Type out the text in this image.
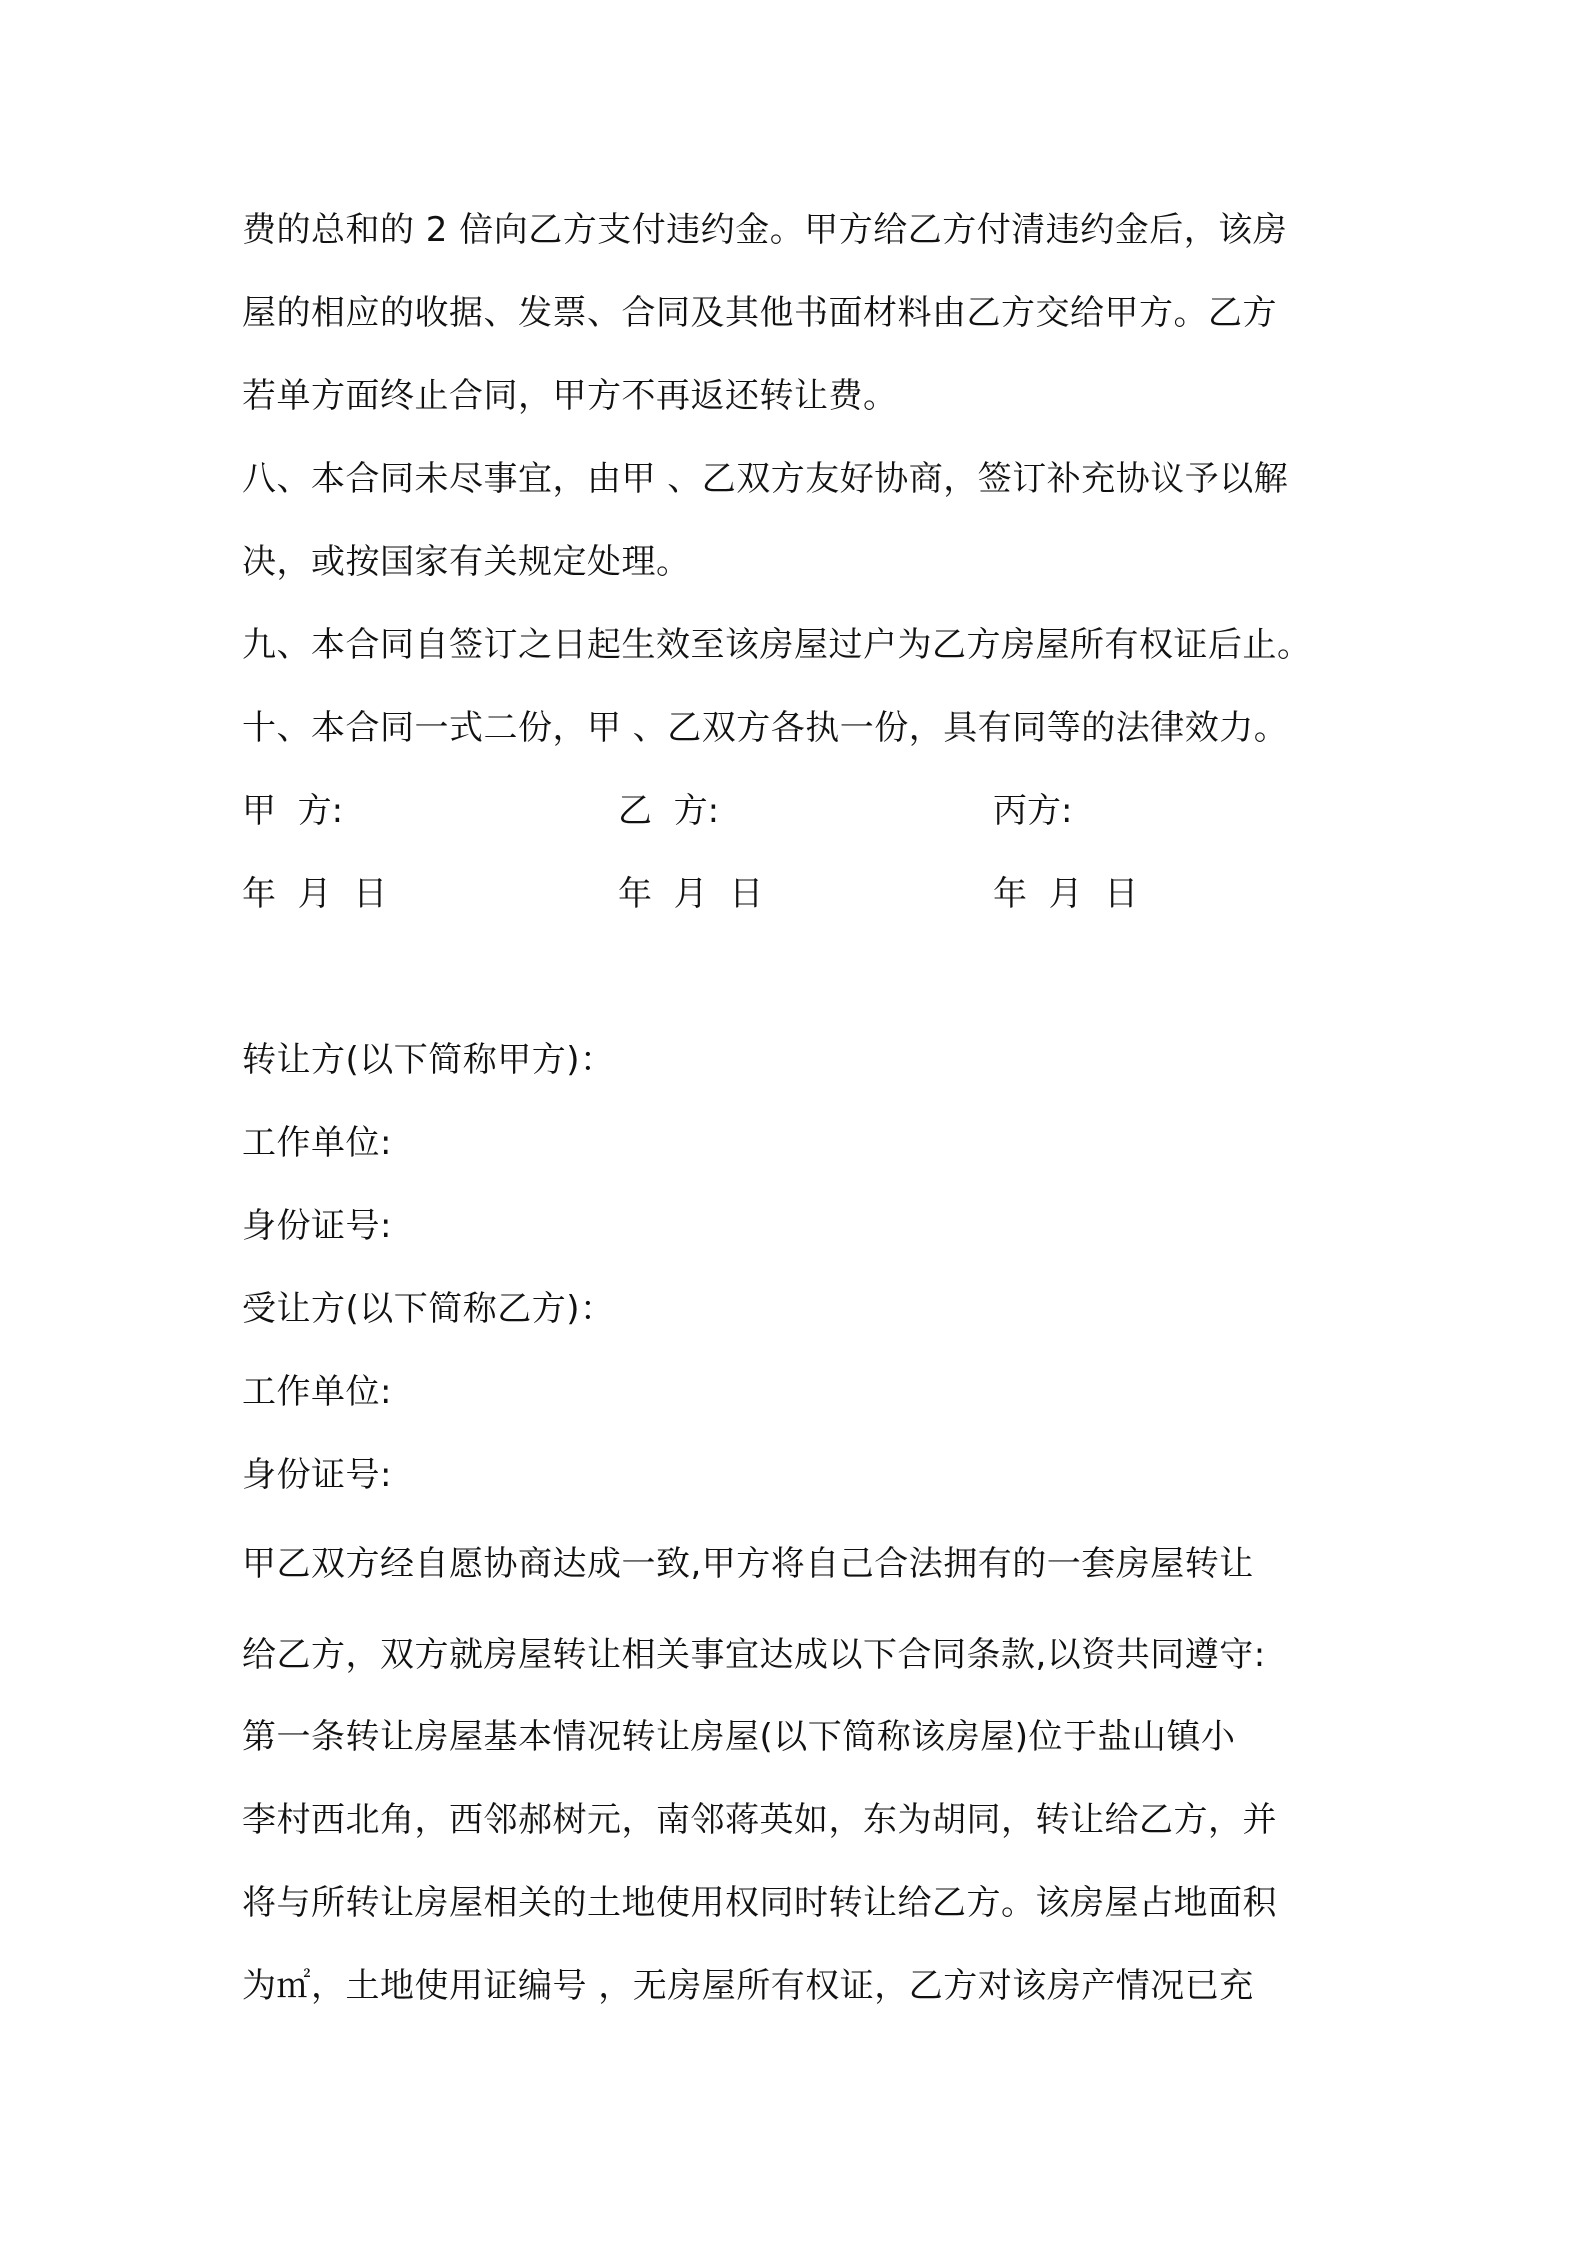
费的总和的 2 倍向乙方支付违约金。甲方给乙方付清违约金后，该房
屋的相应的收据、发票、合同及其他书面材料由乙方交给甲方。乙方
若单方面终止合同，甲方不再返还转让费。
八、本合同未尽事宜，由甲 、乙双方友好协商，签订补充协议予以解
决，或按国家有关规定处理。
九、本合同自签订之日起生效至该房屋过户为乙方房屋所有权证后止。
十、本合同一式二份，甲 、乙双方各执一份，具有同等的法律效力。
甲  方:	乙  方:	丙方:
年  月  日	年  月  日	年  月  日
转让方(以下简称甲方)：
工作单位:
身份证号:
受让方(以下简称乙方)：
工作单位:
身份证号:
甲乙双方经自愿协商达成一致,甲方将自己合法拥有的一套房屋转让
给乙方，双方就房屋转让相关事宜达成以下合同条款,以资共同遵守:
第一条转让房屋基本情况转让房屋(以下简称该房屋)位于盐山镇小
李村西北角，西邻郝树元，南邻蒋英如，东为胡同，转让给乙方，并
将与所转让房屋相关的土地使用权同时转让给乙方。该房屋占地面积
为㎡，土地使用证编号 ，无房屋所有权证，乙方对该房产情况已充
